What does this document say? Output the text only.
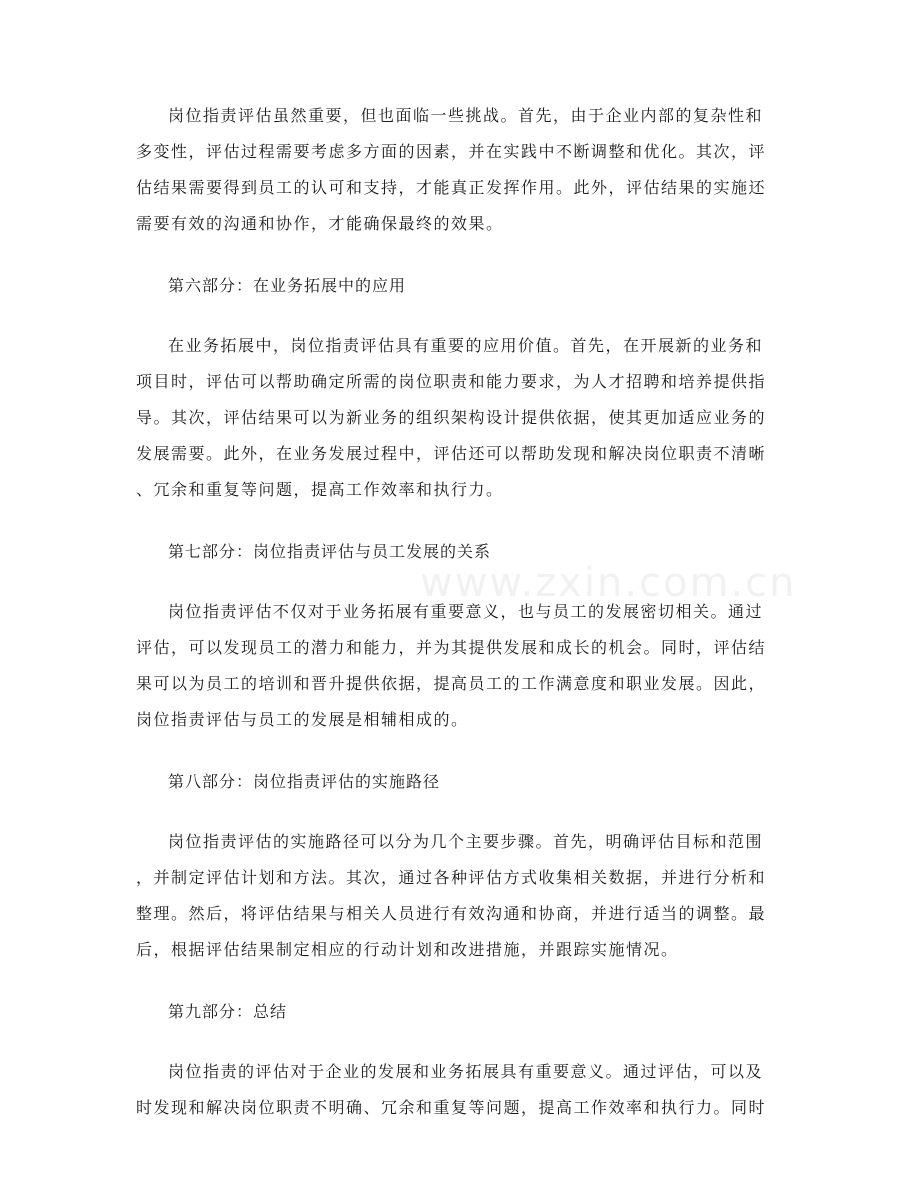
岗位指责评估虽然重要，但也面临一些挑战。首先，由于企业内部的复杂性和
多变性，评估过程需要考虑多方面的因素，并在实践中不断调整和优化。其次，评
估结果需要得到员工的认可和支持，才能真正发挥作用。此外，评估结果的实施还
需要有效的沟通和协作，才能确保最终的效果。

第六部分：在业务拓展中的应用

在业务拓展中，岗位指责评估具有重要的应用价值。首先，在开展新的业务和
项目时，评估可以帮助确定所需的岗位职责和能力要求，为人才招聘和培养提供指
导。其次，评估结果可以为新业务的组织架构设计提供依据，使其更加适应业务的
发展需要。此外，在业务发展过程中，评估还可以帮助发现和解决岗位职责不清晰
、冗余和重复等问题，提高工作效率和执行力。

第七部分：岗位指责评估与员工发展的关系

岗位指责评估不仅对于业务拓展有重要意义，也与员工的发展密切相关。通过
评估，可以发现员工的潜力和能力，并为其提供发展和成长的机会。同时，评估结
果可以为员工的培训和晋升提供依据，提高员工的工作满意度和职业发展。因此，
岗位指责评估与员工的发展是相辅相成的。

第八部分：岗位指责评估的实施路径

岗位指责评估的实施路径可以分为几个主要步骤。首先，明确评估目标和范围
，并制定评估计划和方法。其次，通过各种评估方式收集相关数据，并进行分析和
整理。然后，将评估结果与相关人员进行有效沟通和协商，并进行适当的调整。最
后，根据评估结果制定相应的行动计划和改进措施，并跟踪实施情况。

第九部分：总结

岗位指责的评估对于企业的发展和业务拓展具有重要意义。通过评估，可以及
时发现和解决岗位职责不明确、冗余和重复等问题，提高工作效率和执行力。同时

www.zxin.com.cn
